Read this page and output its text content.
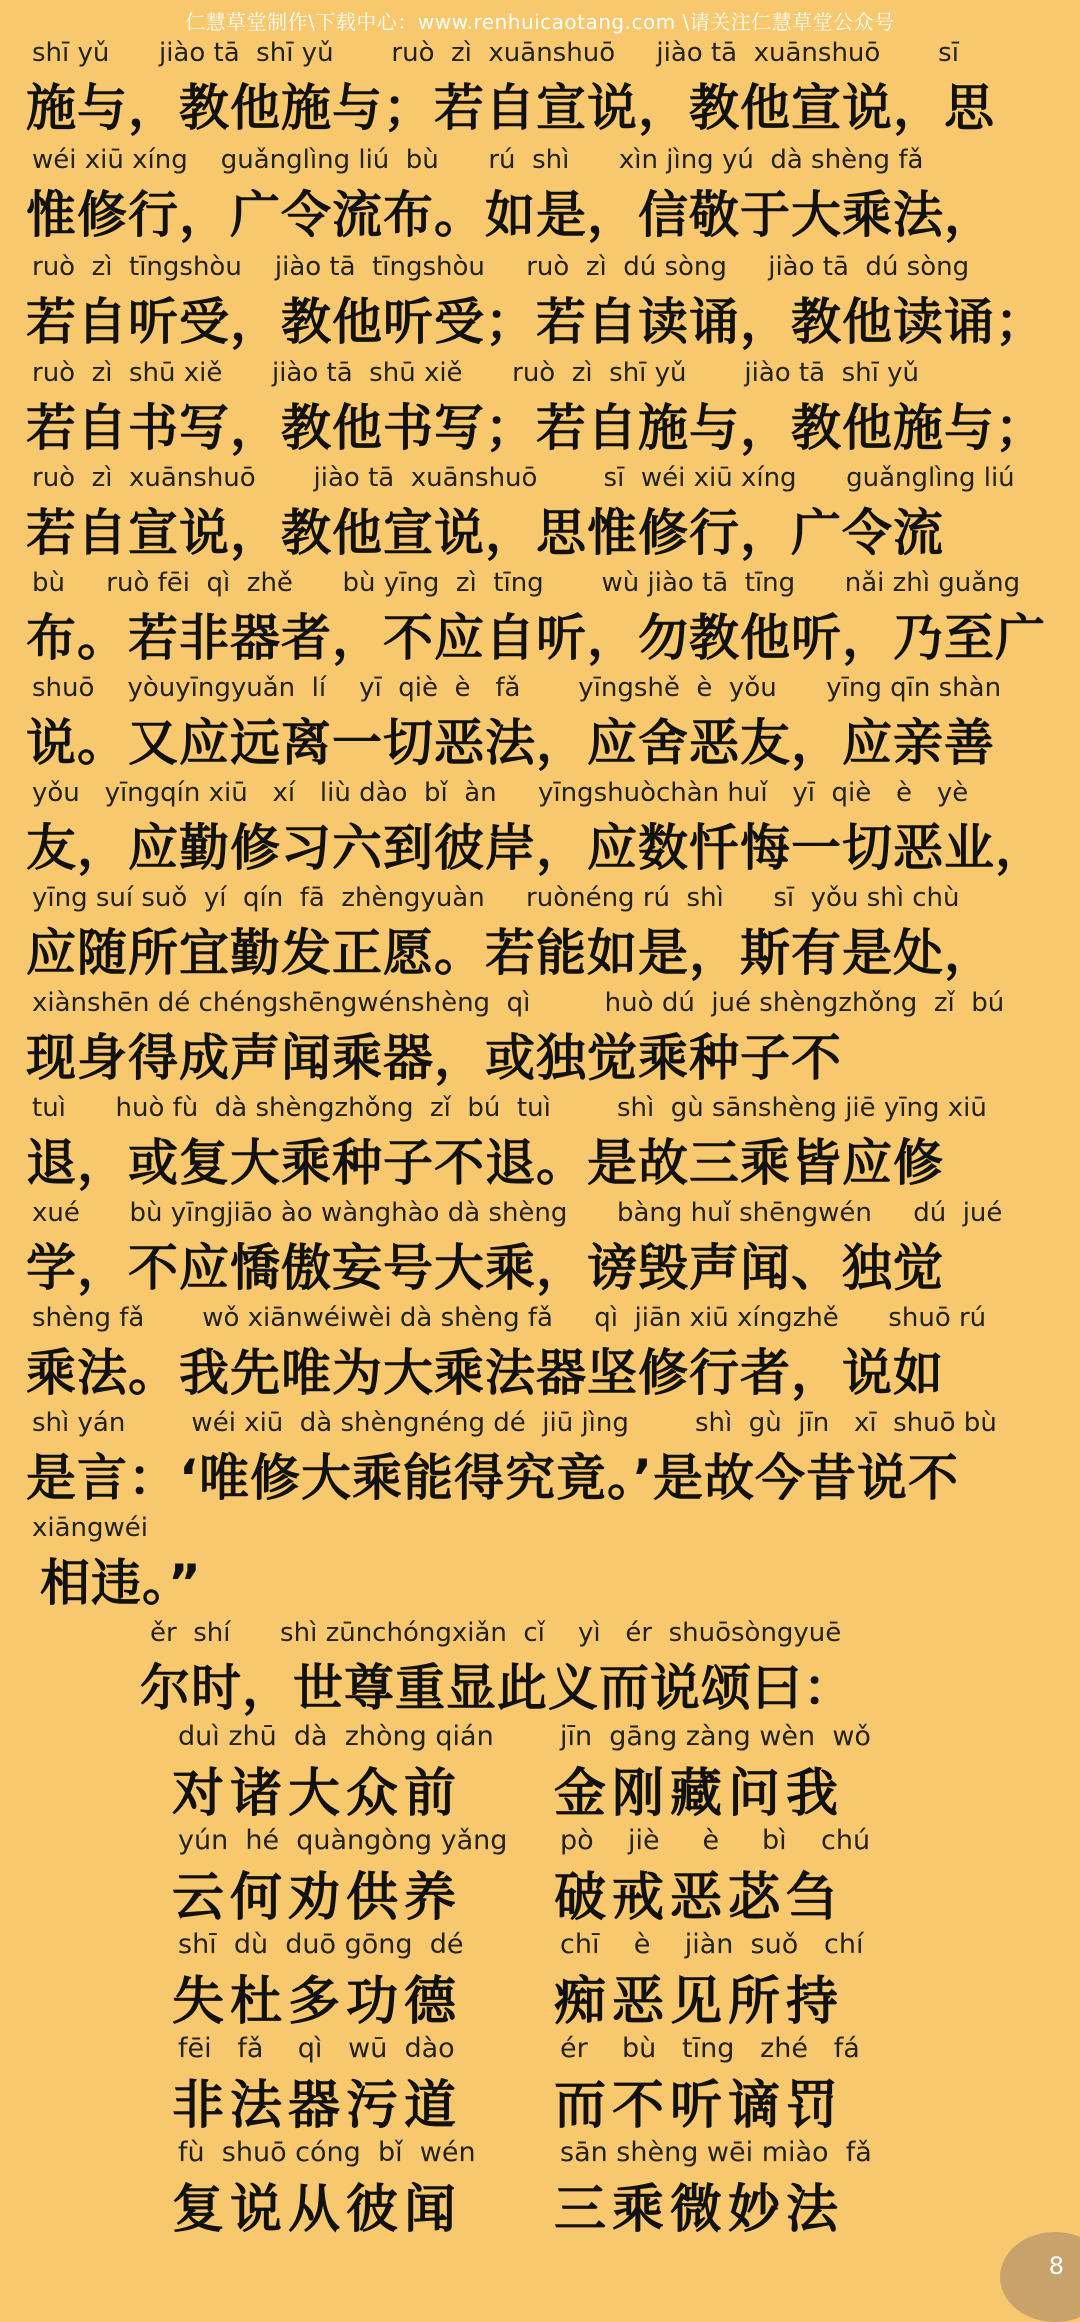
仁慧草堂制作\下载中心：www.renhuicaotang.com \请关注仁慧草堂公众号
shī yǔ      jiào tā  shī yǔ       ruò  zì  xuānshuō     jiào tā  xuānshuō       sī
施与，教他施与；若自宣说，教他宣说，思
wéi xiū xíng    guǎnglìng liú  bù      rú  shì      xìn jìng yú  dà shèng fǎ
惟修行，广令流布。如是，信敬于大乘法，
ruò  zì  tīngshòu    jiào tā  tīngshòu     ruò  zì  dú sòng     jiào tā  dú sòng
若自听受，教他听受；若自读诵，教他读诵；
ruò  zì  shū xiě      jiào tā  shū xiě      ruò  zì  shī yǔ       jiào tā  shī yǔ
若自书写，教他书写；若自施与，教他施与；
ruò  zì  xuānshuō       jiào tā  xuānshuō        sī  wéi xiū xíng      guǎnglìng liú
若自宣说，教他宣说，思惟修行，广令流
bù     ruò fēi  qì  zhě      bù yīng  zì  tīng       wù jiào tā  tīng      nǎi zhì guǎng
布。若非器者，不应自听，勿教他听，乃至广
shuō    yòuyīngyuǎn  lí    yī  qiè  è   fǎ       yīngshě  è  yǒu      yīng qīn shàn
说。又应远离一切恶法，应舍恶友，应亲善
yǒu   yīngqín xiū   xí   liù dào  bǐ  àn     yīngshuòchàn huǐ   yī  qiè   è   yè
友，应勤修习六到彼岸，应数忏悔一切恶业，
yīng suí suǒ  yí  qín  fā  zhèngyuàn     ruònéng rú  shì      sī  yǒu shì chù
应随所宜勤发正愿。若能如是，斯有是处，
xiànshēn dé chéngshēngwénshèng  qì         huò dú  jué shèngzhǒng  zǐ  bú
现身得成声闻乘器，或独觉乘种子不
tuì      huò fù  dà shèngzhǒng  zǐ  bú  tuì        shì  gù sānshèng jiē yīng xiū
退，或复大乘种子不退。是故三乘皆应修
xué      bù yīngjiāo ào wànghào dà shèng      bàng huǐ shēngwén     dú  jué
学，不应憍傲妄号大乘，谤毁声闻、独觉
shèng fǎ       wǒ xiānwéiwèi dà shèng fǎ     qì  jiān xiū xíngzhě      shuō rú
乘法。我先唯为大乘法器坚修行者，说如
shì yán        wéi xiū  dà shèngnéng dé  jiū jìng        shì  gù  jīn   xī  shuō bù
是言：‘唯修大乘能得究竟。’是故今昔说不
xiāngwéi
相违。”
ěr  shí      shì zūnchóngxiǎn  cǐ    yì   ér  shuōsòngyuē
尔时，世尊重显此义而说颂曰：
duì zhū  dà  zhòng qián
对诸大众前
jīn  gāng zàng wèn  wǒ
金刚藏问我
yún  hé  quàngòng yǎng
云何劝供养
pò    jiè     è     bì    chú
破戒恶苾刍
shī  dù  duō gōng  dé
失杜多功德
chī    è    jiàn  suǒ   chí
痴恶见所持
fēi   fǎ    qì   wū  dào
非法器污道
ér    bù   tīng   zhé   fá
而不听谪罚
fù  shuō cóng  bǐ  wén
复说从彼闻
sān shèng wēi miào  fǎ
三乘微妙法
8
